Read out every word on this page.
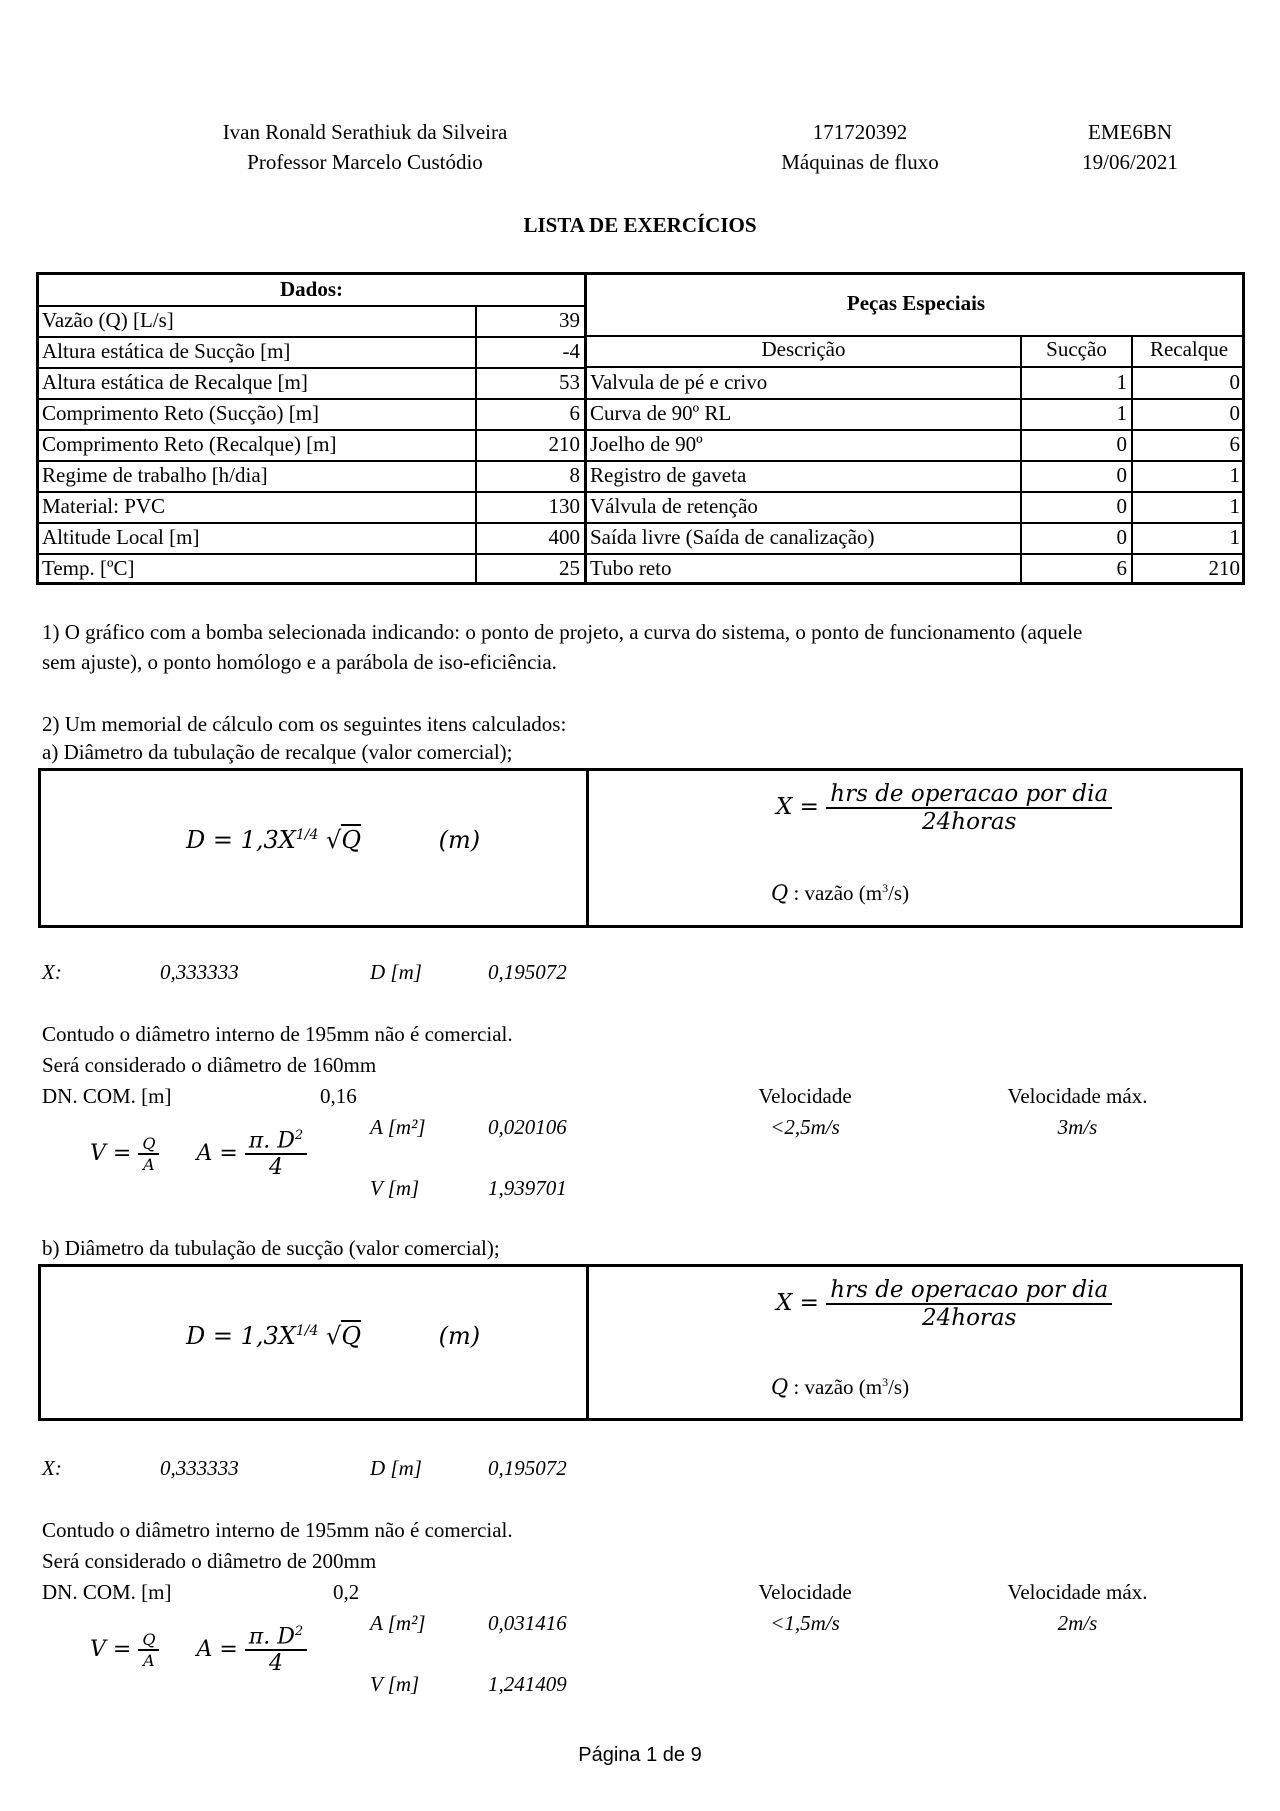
Ivan Ronald Serathiuk da Silveira
Professor Marcelo Custódio
171720392
Máquinas de fluxo
EME6BN
19/06/2021
LISTA DE EXERCÍCIOS
Dados:
Peças Especiais
Descrição	Sucção	Recalque
Vazão (Q) [L/s]	39
Altura estática de Sucção [m]	-4
Altura estática de Recalque [m]	53
Comprimento Reto (Sucção) [m]	6
Comprimento Reto (Recalque) [m]	210
Regime de trabalho [h/dia]	8
Material: PVC	130
Altitude Local [m]	400
Temp. [ºC]	25
Valvula de pé e crivo	1	0
Curva de 90º RL	1	0
Joelho de 90º	0	6
Registro de gaveta	0	1
Válvula de retenção	0	1
Saída livre (Saída de canalização)	0	1
Tubo reto	6	210
1) O gráfico com a bomba selecionada indicando: o ponto de projeto, a curva do sistema, o ponto de funcionamento (aquele
sem ajuste), o ponto homólogo e a parábola de iso-eficiência.
2) Um memorial de cálculo com os seguintes itens calculados:
a) Diâmetro da tubulação de recalque (valor comercial);
$D = 1,3X^{1/4}$ √Q	(m)
$X = \frac{\text{hrs de operacao por dia}}{\text{24horas}}$
Q : vazão $(m^3/s)$
X:	0,333333	D [m]	0,195072
Contudo o diâmetro interno de 195mm não é comercial.
Será considerado o diâmetro de 160mm
DN. COM. [m]	0,16	Velocidade	Velocidade máx.
A [m²]	0,020106	<2,5m/s	3m/s
$V = \frac{Q}{A}$ $A = \frac{\pi. D^2}{4}$
V [m]	1,939701
b) Diâmetro da tubulação de sucção (valor comercial);
$D = 1,3X^{1/4}$ √Q	(m)
$X = \frac{\text{hrs de operacao por dia}}{\text{24horas}}$
Q : vazão $(m^3/s)$
X:	0,333333	D [m]	0,195072
Contudo o diâmetro interno de 195mm não é comercial.
Será considerado o diâmetro de 200mm
DN. COM. [m]	0,2	Velocidade	Velocidade máx.
A [m²]	0,031416	<1,5m/s	2m/s
$V = \frac{Q}{A}$ $A = \frac{\pi. D^2}{4}$
V [m]	1,241409
Página 1 de 9
